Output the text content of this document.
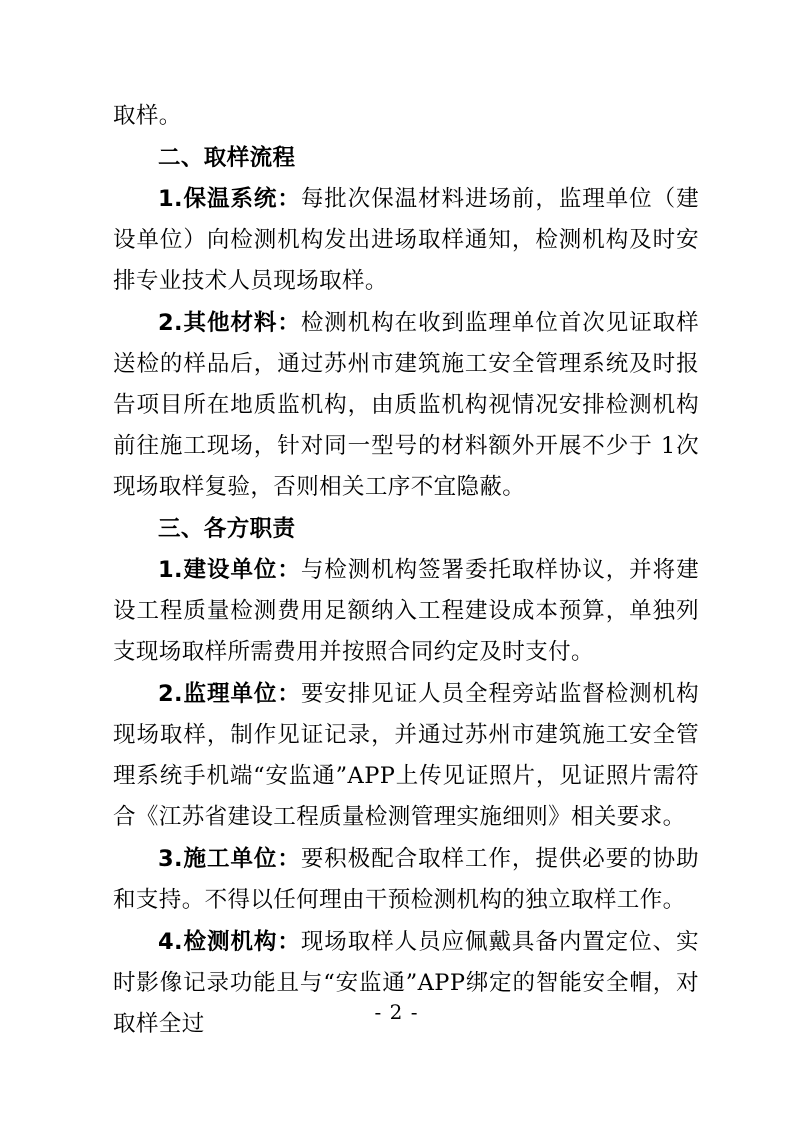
取样。

二、取样流程

1.保温系统：每批次保温材料进场前，监理单位（建设单位）向检测机构发出进场取样通知，检测机构及时安排专业技术人员现场取样。

2.其他材料：检测机构在收到监理单位首次见证取样送检的样品后，通过苏州市建筑施工安全管理系统及时报告项目所在地质监机构，由质监机构视情况安排检测机构前往施工现场，针对同一型号的材料额外开展不少于 1次现场取样复验，否则相关工序不宜隐蔽。

三、各方职责

1.建设单位：与检测机构签署委托取样协议，并将建设工程质量检测费用足额纳入工程建设成本预算，单独列支现场取样所需费用并按照合同约定及时支付。

2.监理单位：要安排见证人员全程旁站监督检测机构现场取样，制作见证记录，并通过苏州市建筑施工安全管理系统手机端“安监通”APP上传见证照片，见证照片需符合《江苏省建设工程质量检测管理实施细则》相关要求。

3.施工单位：要积极配合取样工作，提供必要的协助和支持。不得以任何理由干预检测机构的独立取样工作。

4.检测机构：现场取样人员应佩戴具备内置定位、实时影像记录功能且与“安监通”APP绑定的智能安全帽，对取样全过	- 2 -
